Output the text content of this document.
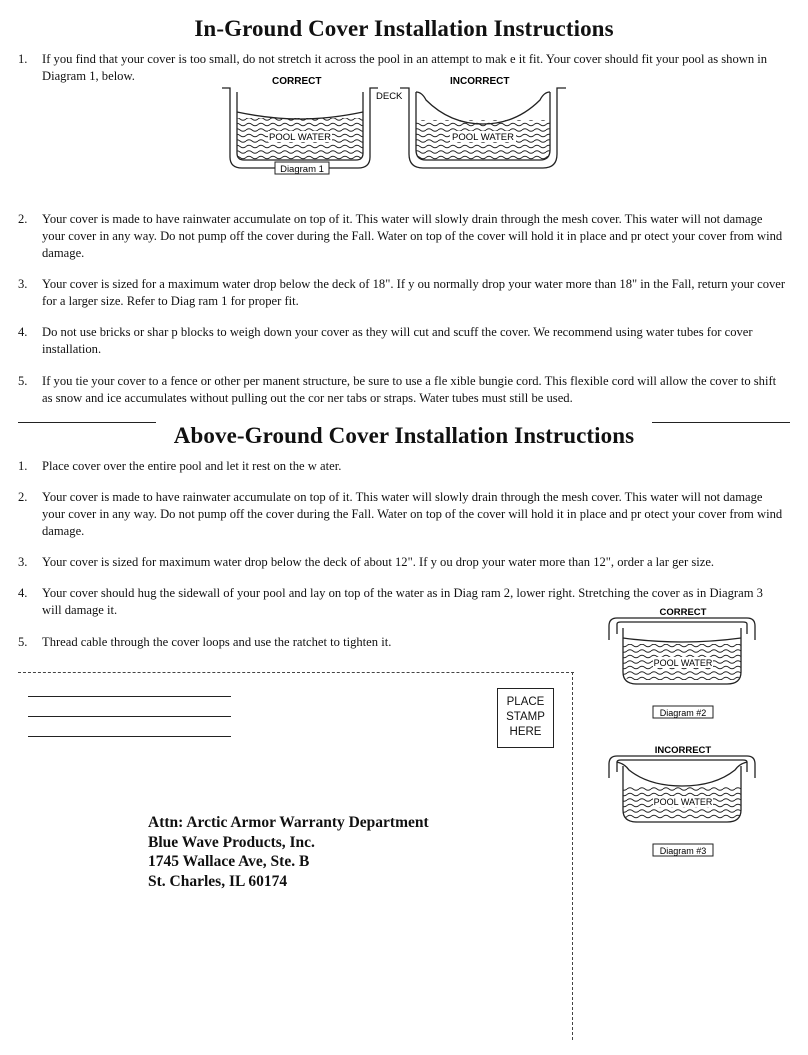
In-Ground Cover Installation Instructions
1. If you find that your cover is too small, do not stretch it across the pool in an attempt to mak e it fit. Your cover should fit your pool as shown in Diagram 1, below.	CORRECT	INCORRECT
DECK
POOL WATER	POOL WATER
Diagram 1
2. Your cover is made to have rainwater accumulate on top of it. This water will slowly drain through the mesh cover. This water will not damage your cover in any way. Do not pump off the cover during the Fall. Water on top of the cover will hold it in place and pr otect your cover from wind damage.
3. Your cover is sized for a maximum water drop below the deck of 18". If y ou normally drop your water more than 18" in the Fall, return your cover for a larger size. Refer to Diag ram 1 for proper fit.
4. Do not use bricks or shar p blocks to weigh down your cover as they will cut and scuff the cover. We recommend using water tubes for cover installation.
5. If you tie your cover to a fence or other per manent structure, be sure to use a fle xible bungie cord. This flexible cord will allow the cover to shift as snow and ice accumulates without pulling out the cor ner tabs or straps. Water tubes must still be used.
Above-Ground Cover Installation Instructions
1. Place cover over the entire pool and let it rest on the w ater.
2. Your cover is made to have rainwater accumulate on top of it. This water will slowly drain through the mesh cover. This water will not damage your cover in any way. Do not pump off the cover during the Fall. Water on top of the cover will hold it in place and pr otect your cover from wind damage.
3. Your cover is sized for maximum water drop below the deck of about 12". If y ou drop your water more than 12", order a lar ger size.
4. Your cover should hug the sidewall of your pool and lay on top of the water as in Diag ram 2, lower right. Stretching the cover as in Diagram 3 will damage it.
5. Thread cable through the cover loops and use the ratchet to tighten it.
CORRECT
POOL WATER
Diagram #2
INCORRECT
POOL WATER
Diagram #3
PLACE
STAMP
HERE
Attn: Arctic Armor Warranty Department
Blue Wave Products, Inc.
1745 Wallace Ave, Ste. B
St. Charles, IL 60174
